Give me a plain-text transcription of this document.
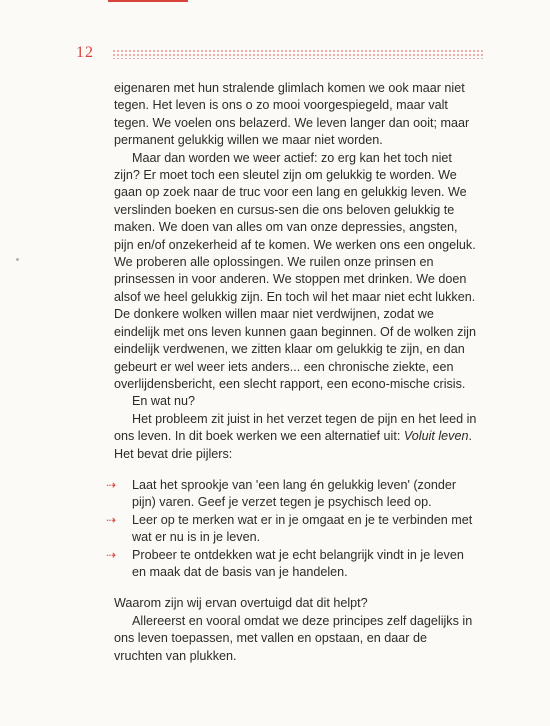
12

eigenaren met hun stralende glimlach komen we ook maar niet tegen. Het leven is ons o zo mooi voorgespiegeld, maar valt tegen. We voelen ons belazerd. We leven langer dan ooit; maar permanent gelukkig willen we maar niet worden.

Maar dan worden we weer actief: zo erg kan het toch niet zijn? Er moet toch een sleutel zijn om gelukkig te worden. We gaan op zoek naar de truc voor een lang en gelukkig leven. We verslinden boeken en cursus-sen die ons beloven gelukkig te maken. We doen van alles om van onze depressies, angsten, pijn en/of onzekerheid af te komen. We werken ons een ongeluk. We proberen alle oplossingen. We ruilen onze prinsen en prinsessen in voor anderen. We stoppen met drinken. We doen alsof we heel gelukkig zijn. En toch wil het maar niet echt lukken. De donkere wolken willen maar niet verdwijnen, zodat we eindelijk met ons leven kunnen gaan beginnen. Of de wolken zijn eindelijk verdwenen, we zitten klaar om gelukkig te zijn, en dan gebeurt er wel weer iets anders... een chronische ziekte, een overlijdensbericht, een slecht rapport, een econo-mische crisis.

En wat nu?

Het probleem zit juist in het verzet tegen de pijn en het leed in ons leven. In dit boek werken we een alternatief uit: Voluit leven. Het bevat drie pijlers:

⇢	Laat het sprookje van 'een lang én gelukkig leven' (zonder pijn) varen. Geef je verzet tegen je psychisch leed op.
⇢	Leer op te merken wat er in je omgaat en je te verbinden met wat er nu is in je leven.
⇢	Probeer te ontdekken wat je echt belangrijk vindt in je leven en maak dat de basis van je handelen.

Waarom zijn wij ervan overtuigd dat dit helpt?

Allereerst en vooral omdat we deze principes zelf dagelijks in ons leven toepassen, met vallen en opstaan, en daar de vruchten van plukken.
